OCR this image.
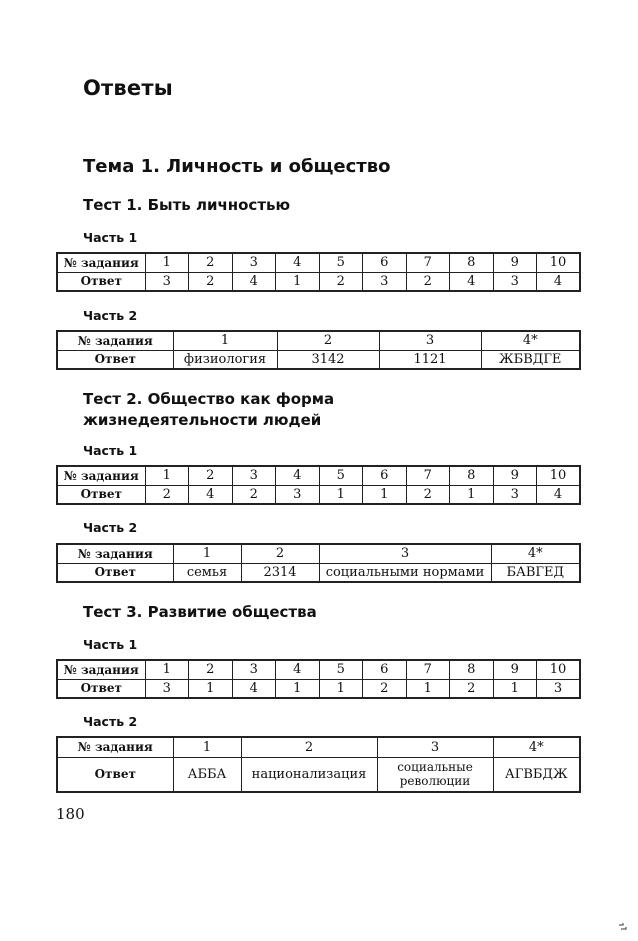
Ответы
Тема 1. Личность и общество
Тест 1. Быть личностью
Часть 1
№ задания	1	2	3	4	5	6	7	8	9	10
Ответ	3	2	4	1	2	3	2	4	3	4
Часть 2
№ задания	1	2	3	4*
Ответ	физиология	3142	1121	ЖБВДГЕ
Тест 2. Общество как форма
жизнедеятельности людей
Часть 1
№ задания	1	2	3	4	5	6	7	8	9	10
Ответ	2	4	2	3	1	1	2	1	3	4
Часть 2
№ задания	1	2	3	4*
Ответ	семья	2314	социальными нормами	БАВГЕД
Тест 3. Развитие общества
Часть 1
№ задания	1	2	3	4	5	6	7	8	9	10
Ответ	3	1	4	1	1	2	1	2	1	3
Часть 2
№ задания	1	2	3	4*
Ответ	АББА	национализация	социальные революции	АГВБДЖ
180
